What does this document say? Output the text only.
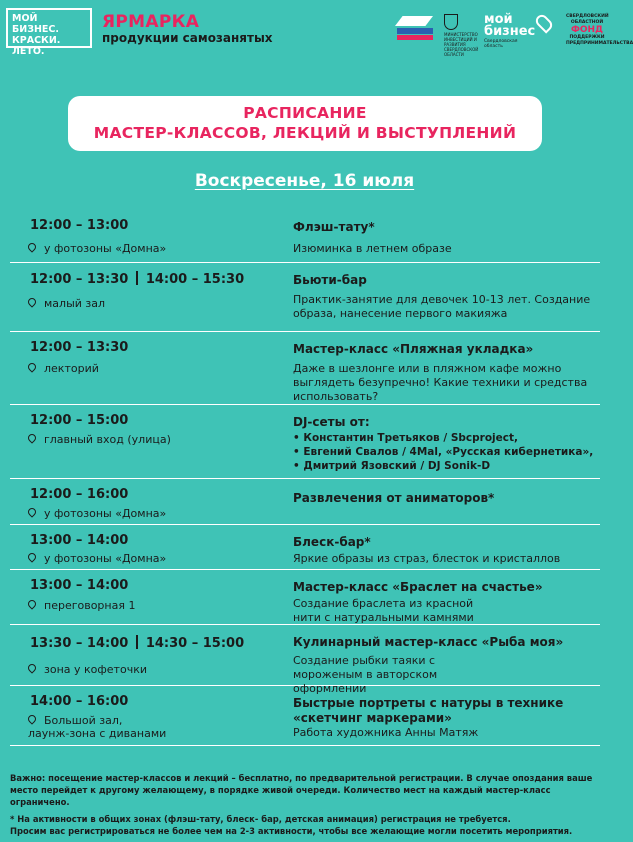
МОЙ БИЗНЕС. КРАСКИ. ЛЕТО.
ЯРМАРКА
продукции самозанятых	МИНИСТЕРСТВО ИНВЕСТИЦИЙ И РАЗВИТИЯ СВЕРДЛОВСКОЙ ОБЛАСТИ
мой бизнес
Свердловская область
СВЕРДЛОВСКИЙ ОБЛАСТНОЙ
ФОНД
ПОДДЕРЖКИ ПРЕДПРИНИМАТЕЛЬСТВА
РАСПИСАНИЕ
МАСТЕР-КЛАССОВ, ЛЕКЦИЙ И ВЫСТУПЛЕНИЙ
Воскресенье, 16 июля
12:00 – 13:00
у фотозоны «Домна»
Флэш-тату*
Изюминка в летнем образе
12:00 – 13:30 14:00 – 15:30
малый зал
Бьюти-бар
Практик-занятие для девочек 10-13 лет. Создание образа, нанесение первого макияжа
12:00 – 13:30
лекторий
Мастер-класс «Пляжная укладка»
Даже в шезлонге или в пляжном кафе можно выглядеть безупречно! Какие техники и средства использовать?
12:00 – 15:00
главный вход (улица)
DJ-сеты от:
• Константин Третьяков / Sbcproject,
• Евгений Свалов / 4Mal, «Русская кибернетика»,
• Дмитрий Язовский / DJ Sonik-D
12:00 – 16:00
у фотозоны «Домна»
Развлечения от аниматоров*
13:00 – 14:00
у фотозоны «Домна»
Блеск-бар*
Яркие образы из страз, блесток и кристаллов
13:00 – 14:00
переговорная 1
Мастер-класс «Браслет на счастье»
Создание браслета из красной нити с натуральными камнями
13:30 – 14:00 14:30 – 15:00
зона у кофеточки
Кулинарный мастер-класс «Рыба моя»
Создание рыбки таяки с мороженым в авторском оформлении
14:00 – 16:00
Большой зал,
лаунж-зона с диванами
Быстрые портреты с натуры в технике «скетчинг маркерами»
Работа художника Анны Матяж

Важно: посещение мастер-классов и лекций – бесплатно, по предварительной регистрации. В случае опоздания ваше место перейдет к другому желающему, в порядке живой очереди. Количество мест на каждый мастер-класс ограничено.

* На активности в общих зонах (флэш-тату, блеск- бар, детская анимация) регистрация не требуется.

Просим вас регистрироваться не более чем на 2-3 активности, чтобы все желающие могли посетить мероприятия.
